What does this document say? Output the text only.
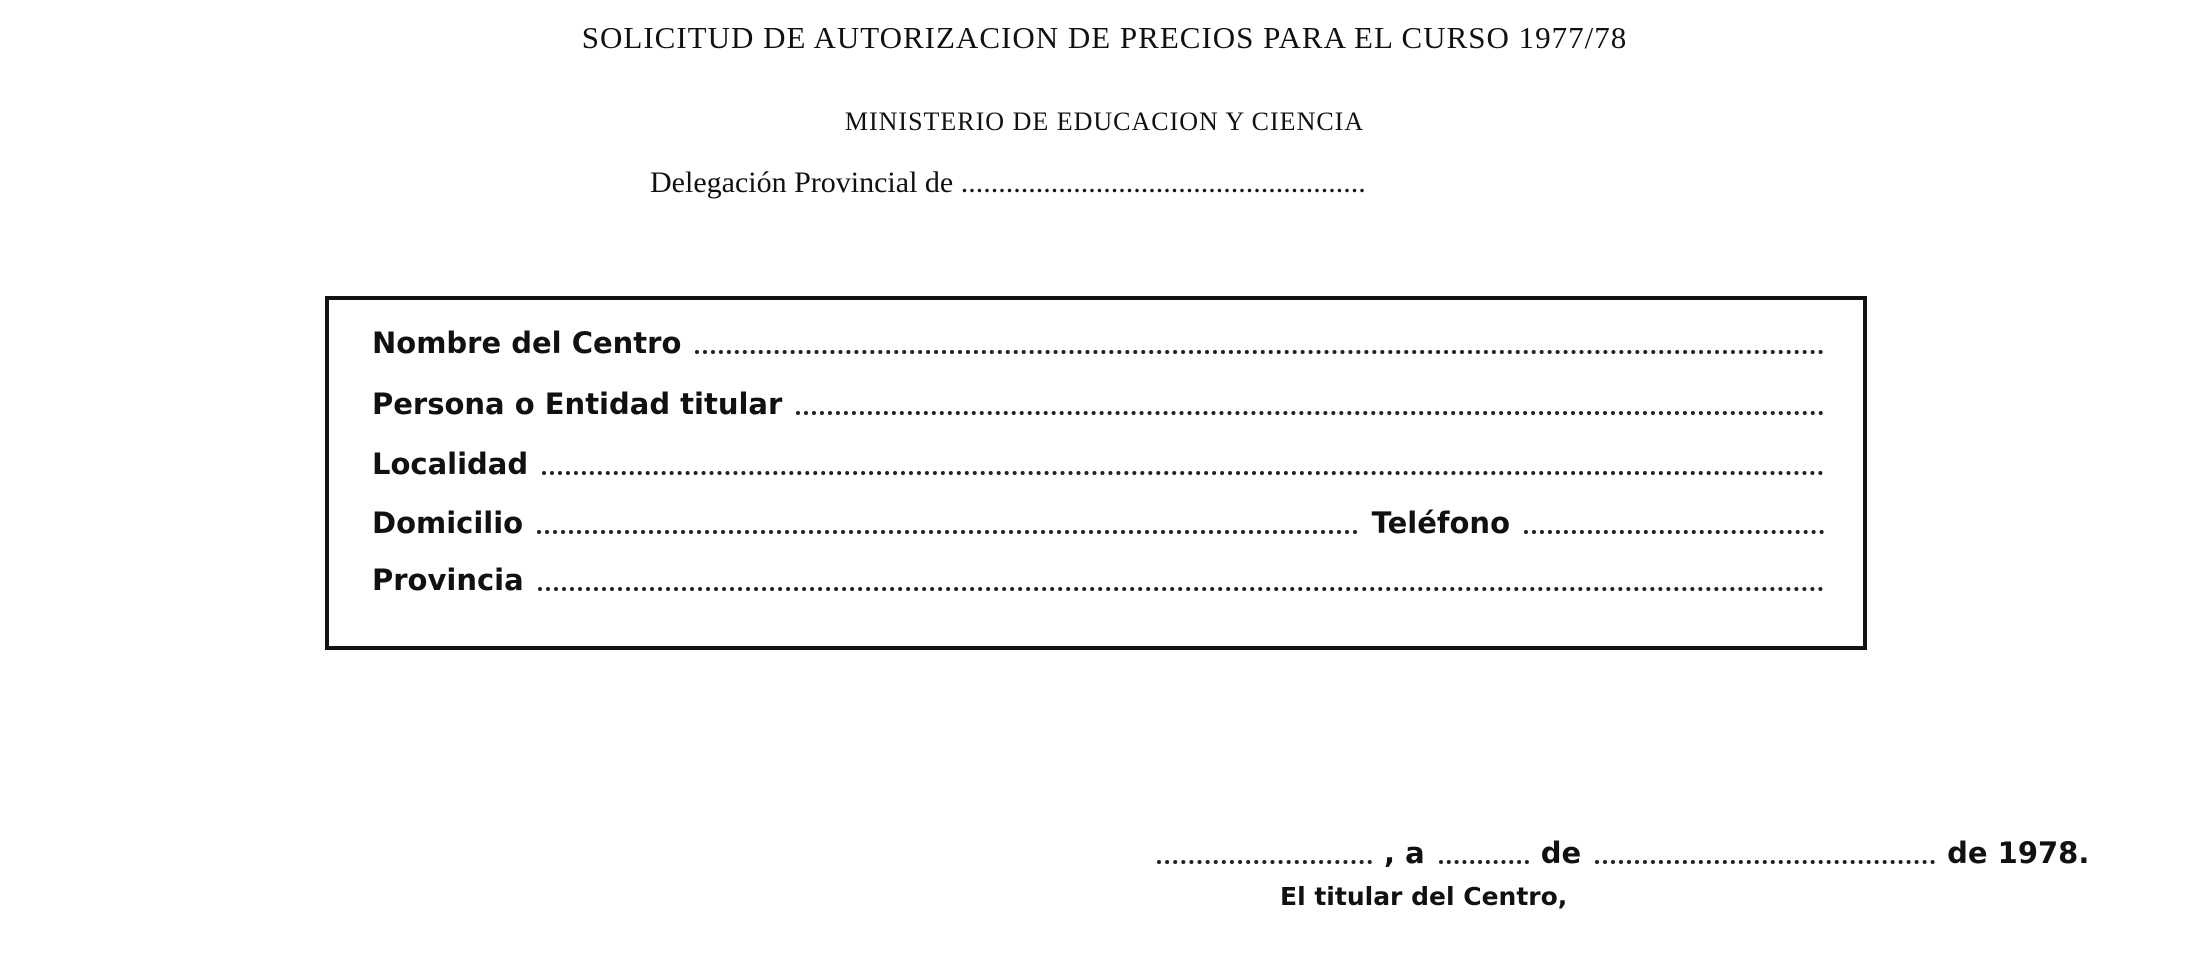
SOLICITUD DE AUTORIZACION DE PRECIOS PARA EL CURSO 1977/78
MINISTERIO DE EDUCACION Y CIENCIA
Delegación Provincial de ......................................................
Nombre del Centro
Persona o Entidad titular
Localidad
Domicilio	Teléfono
Provincia
, a	de	de 1978.
El titular del Centro,
